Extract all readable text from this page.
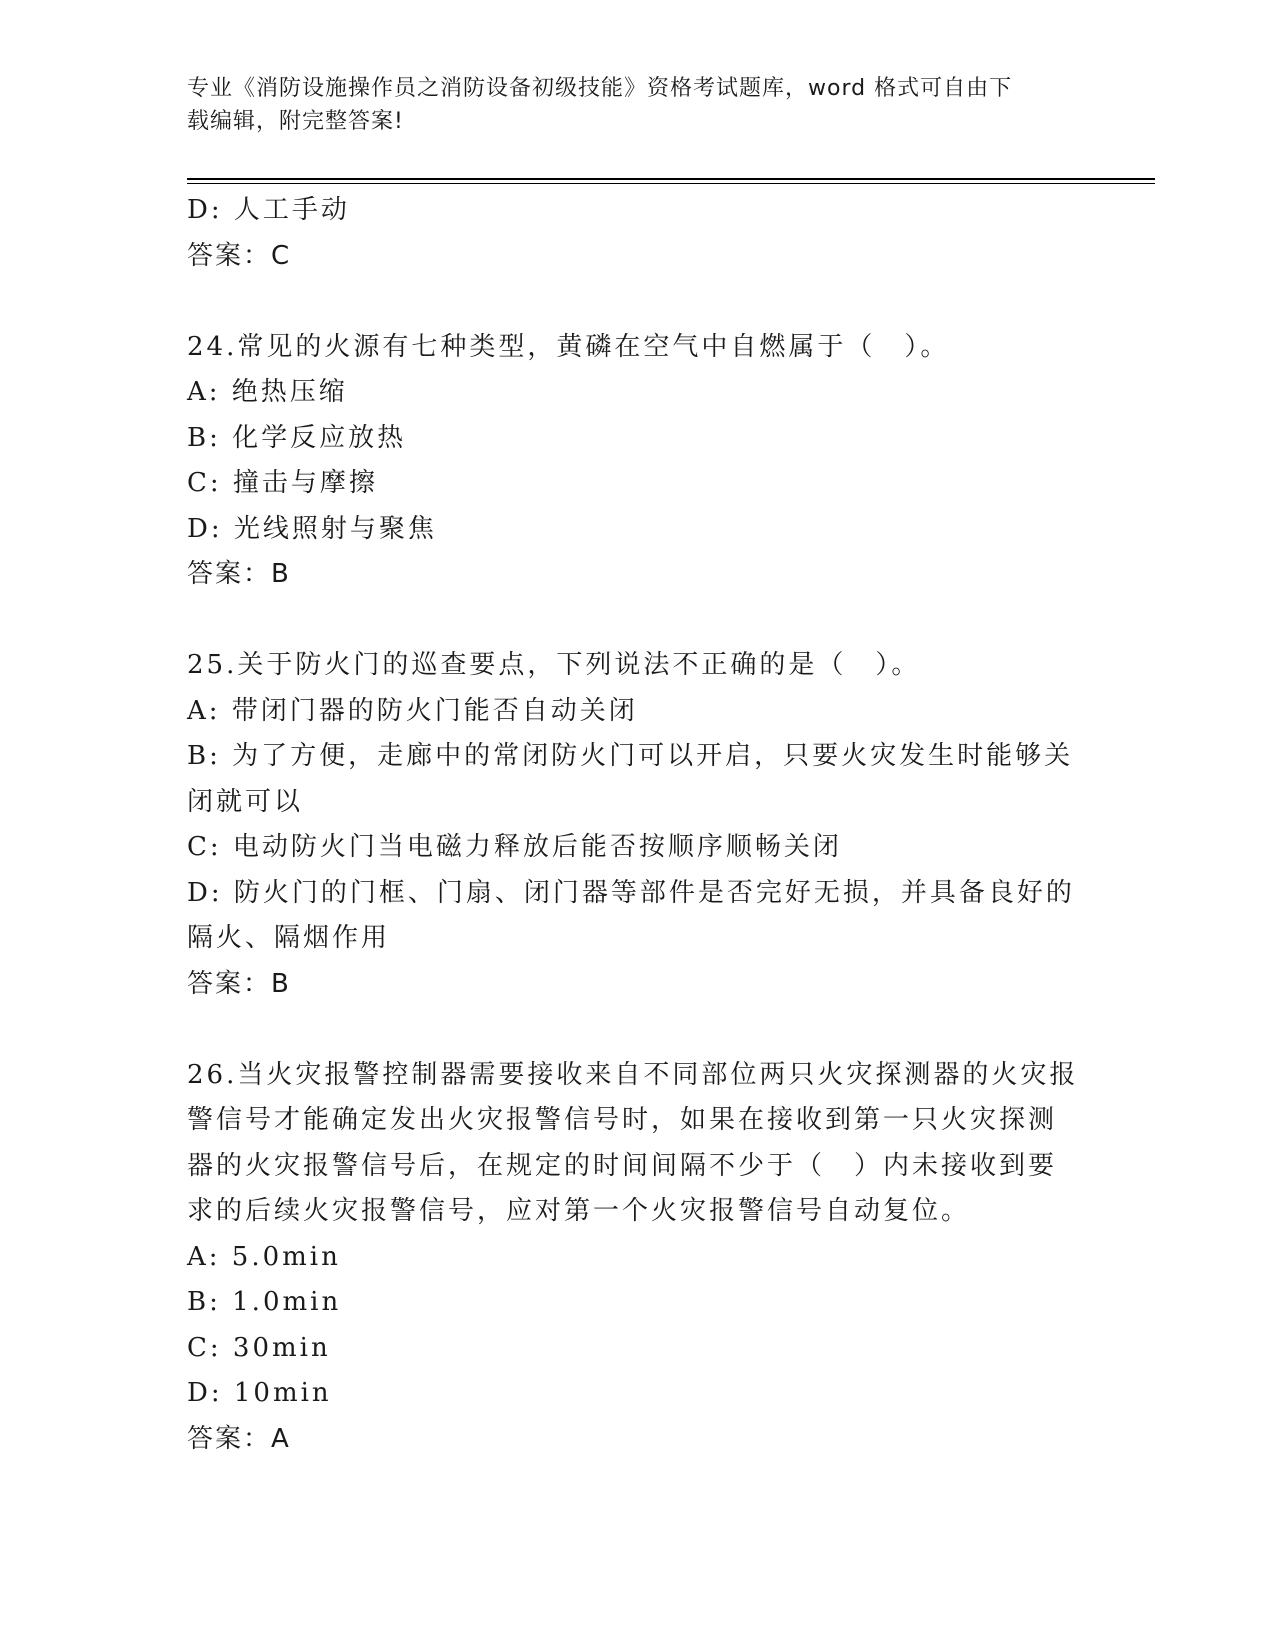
专业《消防设施操作员之消防设备初级技能》资格考试题库，word 格式可自由下
载编辑，附完整答案!
D: 人工手动
答案：C
24.常见的火源有七种类型，黄磷在空气中自燃属于（　）。
A: 绝热压缩
B: 化学反应放热
C: 撞击与摩擦
D: 光线照射与聚焦
答案：B
25.关于防火门的巡查要点，下列说法不正确的是（　）。
A: 带闭门器的防火门能否自动关闭
B: 为了方便，走廊中的常闭防火门可以开启，只要火灾发生时能够关
闭就可以
C: 电动防火门当电磁力释放后能否按顺序顺畅关闭
D: 防火门的门框、门扇、闭门器等部件是否完好无损，并具备良好的
隔火、隔烟作用
答案：B
26.当火灾报警控制器需要接收来自不同部位两只火灾探测器的火灾报
警信号才能确定发出火灾报警信号时，如果在接收到第一只火灾探测
器的火灾报警信号后，在规定的时间间隔不少于（　）内未接收到要
求的后续火灾报警信号，应对第一个火灾报警信号自动复位。
A: 5.0min
B: 1.0min
C: 30min
D: 10min
答案：A
